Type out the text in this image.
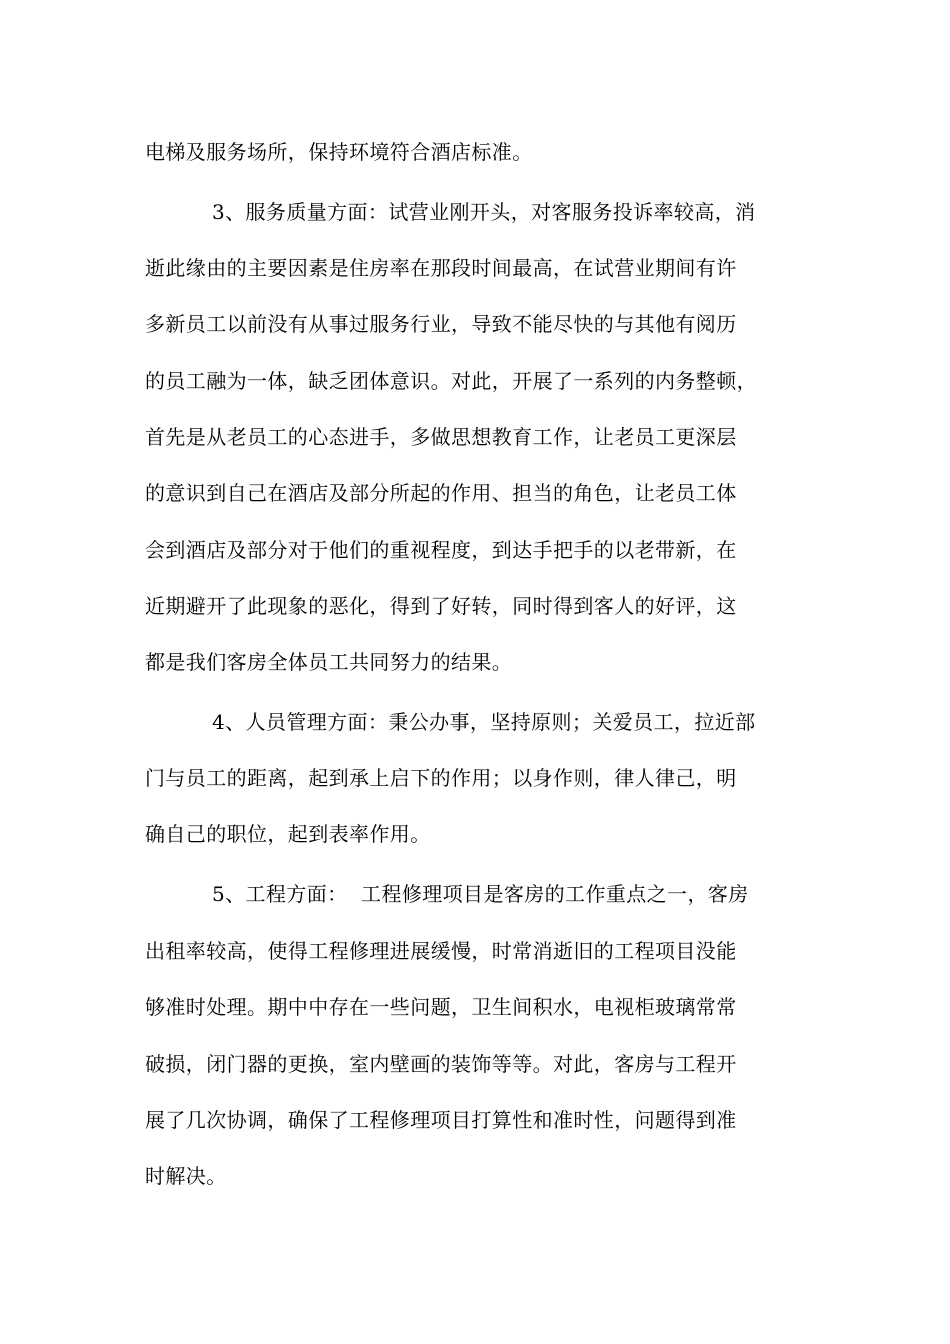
电梯及服务场所，保持环境符合酒店标准。
3、服务质量方面：试营业刚开头，对客服务投诉率较高，消
逝此缘由的主要因素是住房率在那段时间最高，在试营业期间有许
多新员工以前没有从事过服务行业，导致不能尽快的与其他有阅历
的员工融为一体，缺乏团体意识。对此，开展了一系列的内务整顿，
首先是从老员工的心态进手，多做思想教育工作，让老员工更深层
的意识到自己在酒店及部分所起的作用、担当的角色，让老员工体
会到酒店及部分对于他们的重视程度，到达手把手的以老带新，在
近期避开了此现象的恶化，得到了好转，同时得到客人的好评，这
都是我们客房全体员工共同努力的结果。
4、人员管理方面：秉公办事，坚持原则；关爱员工，拉近部
门与员工的距离，起到承上启下的作用；以身作则，律人律己，明
确自己的职位，起到表率作用。
5、工程方面：  工程修理项目是客房的工作重点之一，客房
出租率较高，使得工程修理进展缓慢，时常消逝旧的工程项目没能
够准时处理。期中中存在一些问题，卫生间积水，电视柜玻璃常常
破损，闭门器的更换，室内壁画的装饰等等。对此，客房与工程开
展了几次协调，确保了工程修理项目打算性和准时性，问题得到准
时解决。
